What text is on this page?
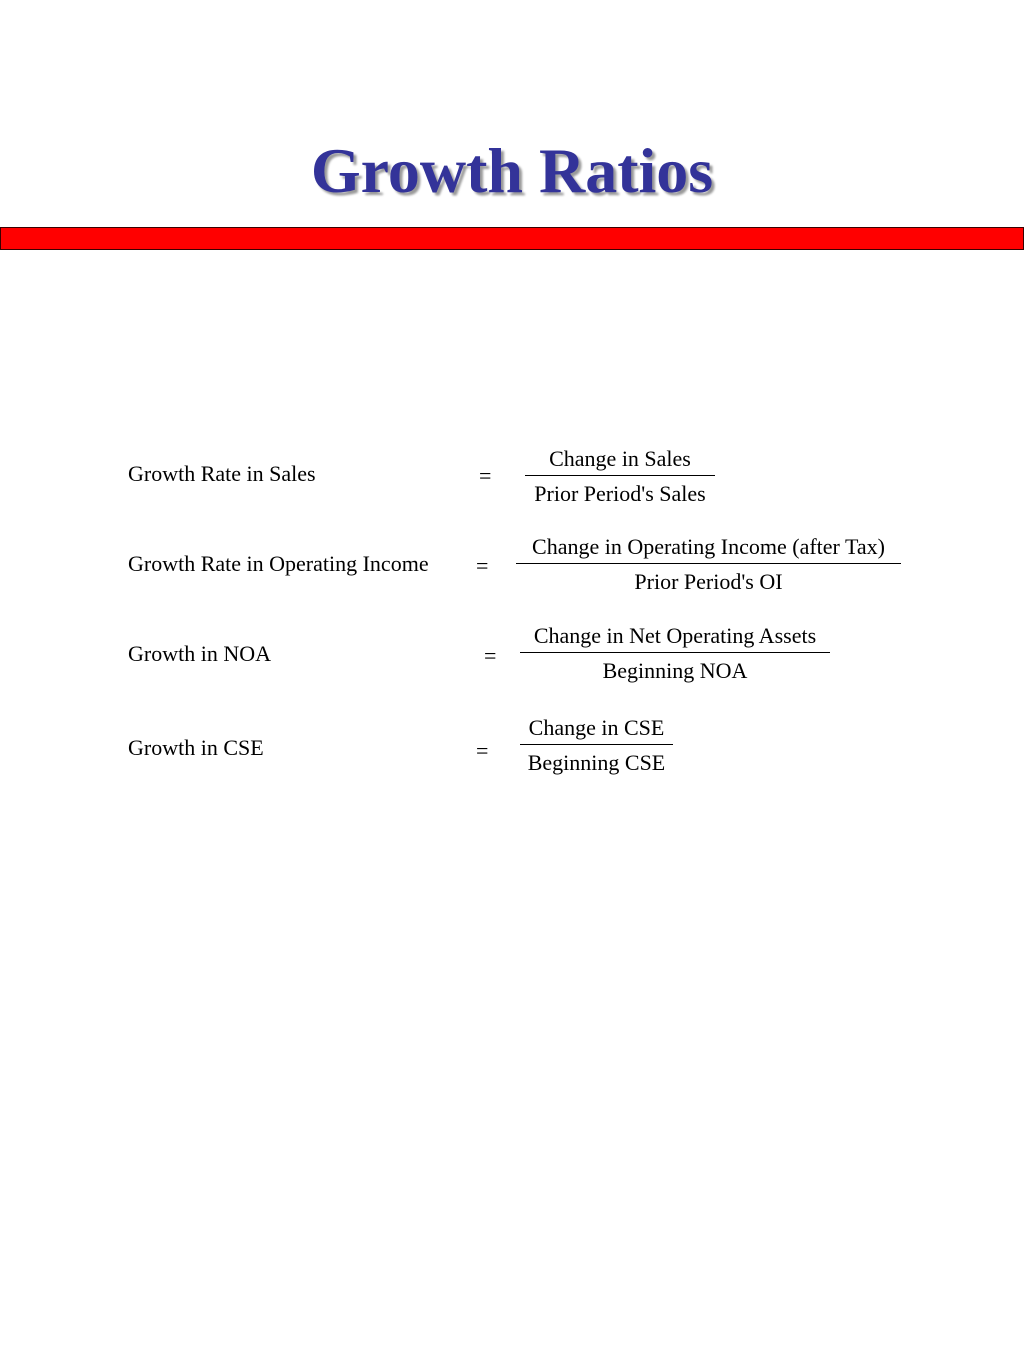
Growth Ratios
Growth Rate in Sales	=
Change in Sales
Prior Period's Sales
Growth Rate in Operating Income =
Change in Operating Income (after Tax)
Prior Period's OI
Growth in NOA	=
Change in Net Operating Assets
Beginning NOA
Growth in CSE	=
Change in CSE
Beginning CSE
